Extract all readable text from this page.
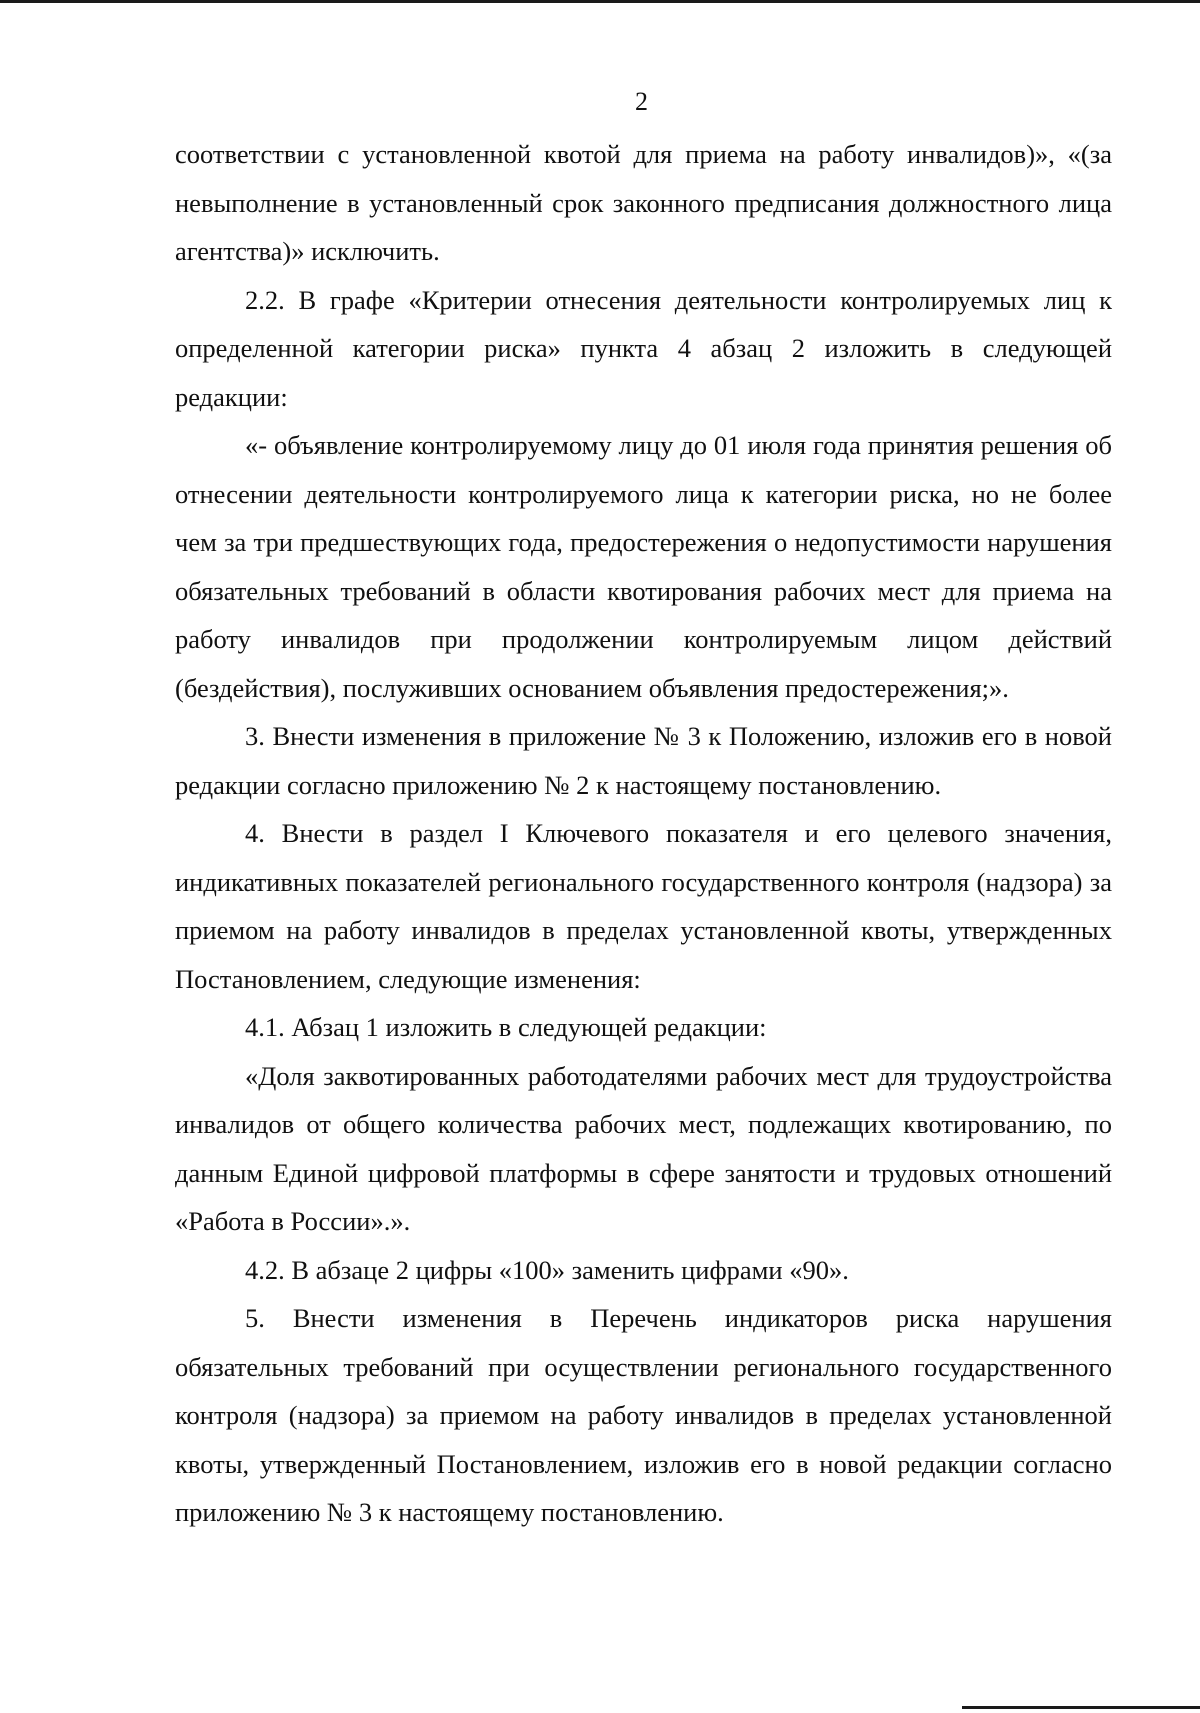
2

соответствии с установленной квотой для приема на работу инвалидов)», «(за невыполнение в установленный срок законного предписания должностного лица агентства)» исключить.

2.2. В графе «Критерии отнесения деятельности контролируемых лиц к определенной категории риска» пункта 4 абзац 2 изложить в следующей редакции:

«- объявление контролируемому лицу до 01 июля года принятия решения об отнесении деятельности контролируемого лица к категории риска, но не более чем за три предшествующих года, предостережения о недопустимости нарушения обязательных требований в области квотирования рабочих мест для приема на работу инвалидов при продолжении контролируемым лицом действий (бездействия), послуживших основанием объявления предостережения;».

3. Внести изменения в приложение № 3 к Положению, изложив его в новой редакции согласно приложению № 2 к настоящему постановлению.

4. Внести в раздел I Ключевого показателя и его целевого значения, индикативных показателей регионального государственного контроля (надзора) за приемом на работу инвалидов в пределах установленной квоты, утвержденных Постановлением, следующие изменения:

4.1. Абзац 1 изложить в следующей редакции:

«Доля заквотированных работодателями рабочих мест для трудоустройства инвалидов от общего количества рабочих мест, подлежащих квотированию, по данным Единой цифровой платформы в сфере занятости и трудовых отношений «Работа в России».».

4.2. В абзаце 2 цифры «100» заменить цифрами «90».

5. Внести изменения в Перечень индикаторов риска нарушения обязательных требований при осуществлении регионального государственного контроля (надзора) за приемом на работу инвалидов в пределах установленной квоты, утвержденный Постановлением, изложив его в новой редакции согласно приложению № 3 к настоящему постановлению.
